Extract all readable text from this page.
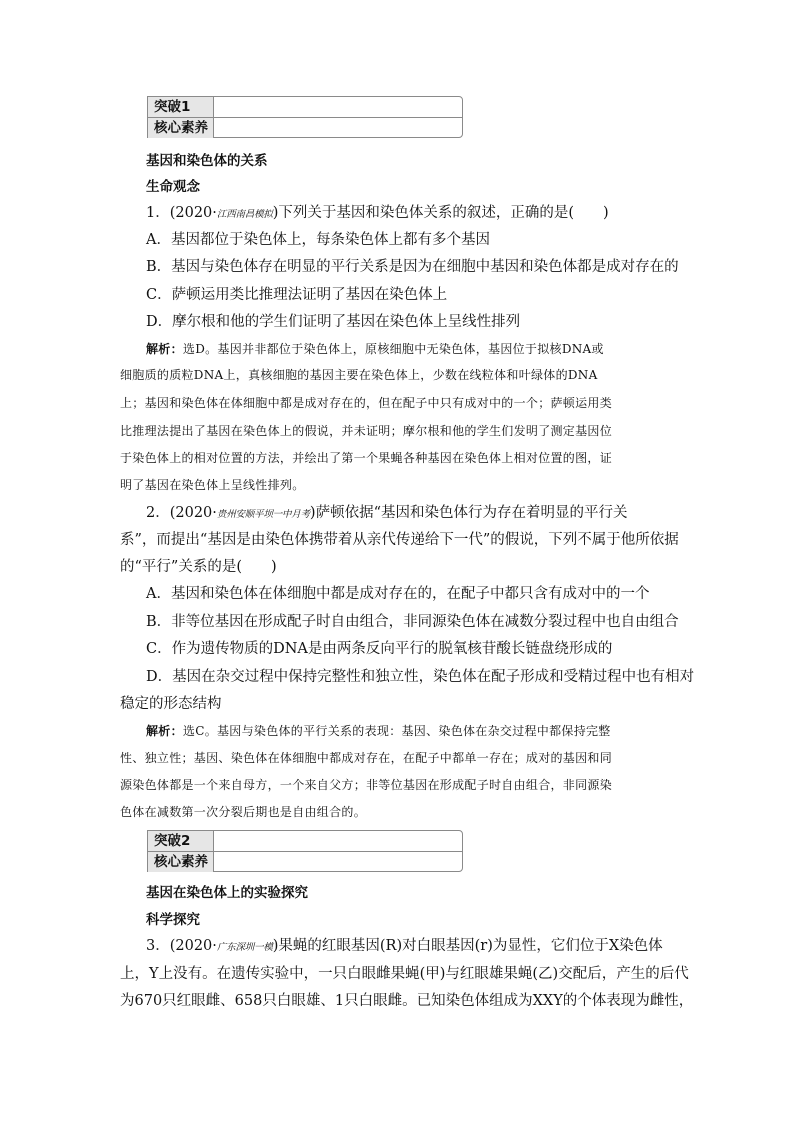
突破1
核心素养
基因和染色体的关系
生命观念
1．(2020·江西南昌模拟)下列关于基因和染色体关系的叙述，正确的是(　　)
A．基因都位于染色体上，每条染色体上都有多个基因
B．基因与染色体存在明显的平行关系是因为在细胞中基因和染色体都是成对存在的
C．萨顿运用类比推理法证明了基因在染色体上
D．摩尔根和他的学生们证明了基因在染色体上呈线性排列
解析：选D。基因并非都位于染色体上，原核细胞中无染色体，基因位于拟核DNA或
细胞质的质粒DNA上，真核细胞的基因主要在染色体上，少数在线粒体和叶绿体的DNA
上；基因和染色体在体细胞中都是成对存在的，但在配子中只有成对中的一个；萨顿运用类
比推理法提出了基因在染色体上的假说，并未证明；摩尔根和他的学生们发明了测定基因位
于染色体上的相对位置的方法，并绘出了第一个果蝇各种基因在染色体上相对位置的图，证
明了基因在染色体上呈线性排列。
2．(2020·贵州安顺平坝一中月考)萨顿依据“基因和染色体行为存在着明显的平行关
系”，而提出“基因是由染色体携带着从亲代传递给下一代”的假说，下列不属于他所依据
的“平行”关系的是(　　)
A．基因和染色体在体细胞中都是成对存在的，在配子中都只含有成对中的一个
B．非等位基因在形成配子时自由组合，非同源染色体在减数分裂过程中也自由组合
C．作为遗传物质的DNA是由两条反向平行的脱氧核苷酸长链盘绕形成的
D．基因在杂交过程中保持完整性和独立性，染色体在配子形成和受精过程中也有相对
稳定的形态结构
解析：选C。基因与染色体的平行关系的表现：基因、染色体在杂交过程中都保持完整
性、独立性；基因、染色体在体细胞中都成对存在，在配子中都单一存在；成对的基因和同
源染色体都是一个来自母方，一个来自父方；非等位基因在形成配子时自由组合，非同源染
色体在减数第一次分裂后期也是自由组合的。
突破2
核心素养
基因在染色体上的实验探究
科学探究
3．(2020·广东深圳一模)果蝇的红眼基因(R)对白眼基因(r)为显性，它们位于X染色体
上，Y上没有。在遗传实验中，一只白眼雌果蝇(甲)与红眼雄果蝇(乙)交配后，产生的后代
为670只红眼雌、658只白眼雄、1只白眼雌。已知染色体组成为XXY的个体表现为雌性，
